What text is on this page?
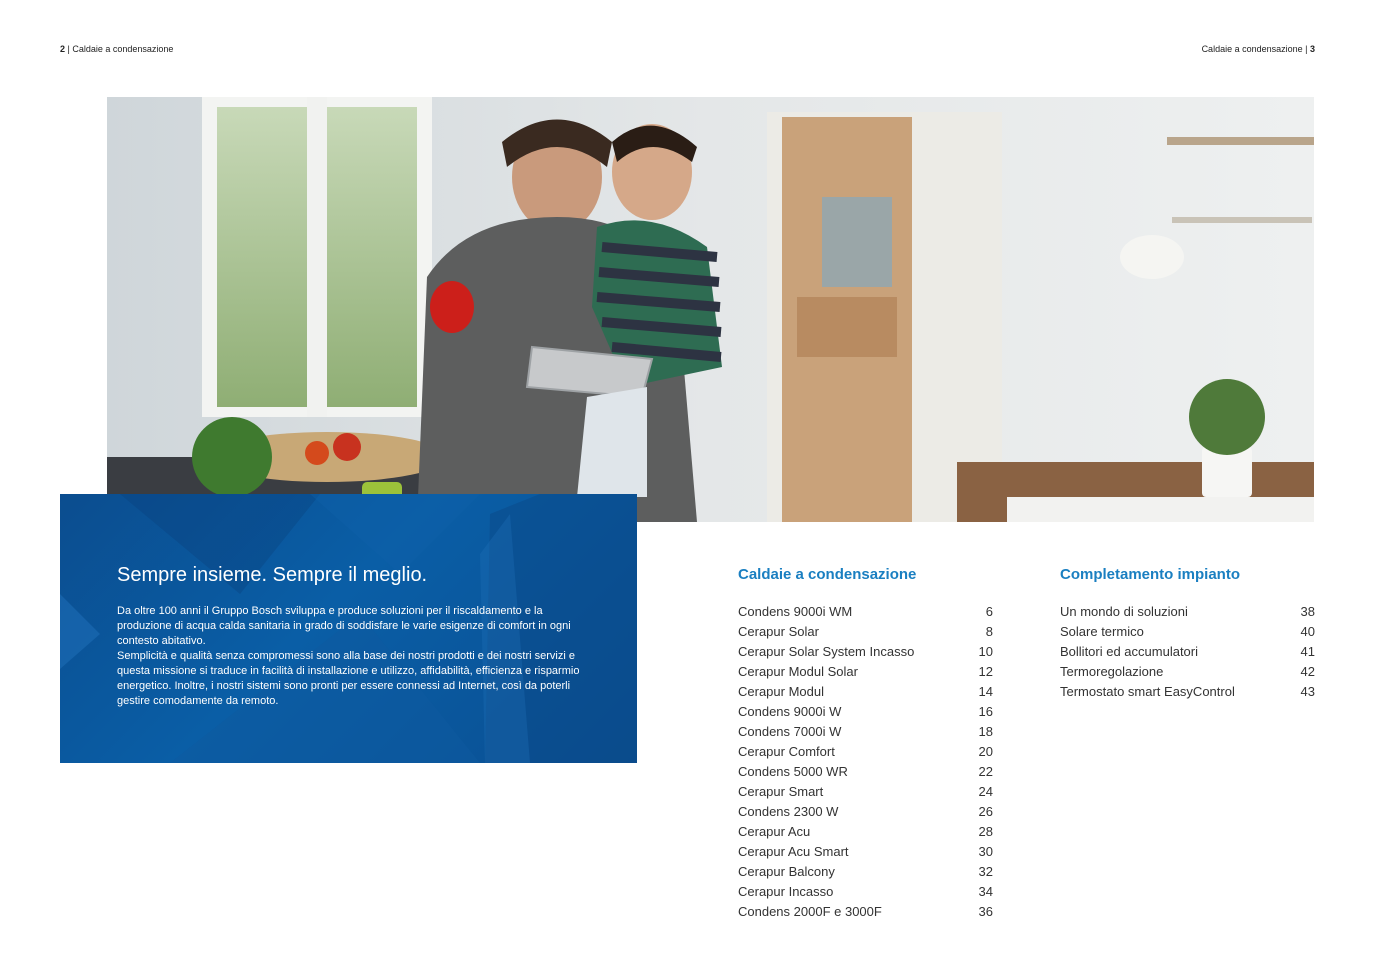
2 | Caldaie a condensazione	Caldaie a condensazione | 3
Sempre insieme. Sempre il meglio.

Da oltre 100 anni il Gruppo Bosch sviluppa e produce soluzioni per il riscaldamento e la produzione di acqua calda sanitaria in grado di soddisfare le varie esigenze di comfort in ogni contesto abitativo.

Semplicità e qualità senza compromessi sono alla base dei nostri prodotti e dei nostri servizi e questa missione si traduce in facilità di installazione e utilizzo, affidabilità, efficienza e risparmio energetico. Inoltre, i nostri sistemi sono pronti per essere connessi ad Internet, così da poterli gestire comodamente da remoto.

Caldaie a condensazione
Condens 9000i WM	6
Cerapur Solar	8
Cerapur Solar System Incasso	10
Cerapur Modul Solar	12
Cerapur Modul	14
Condens 9000i W	16
Condens 7000i W	18
Cerapur Comfort	20
Condens 5000 WR	22
Cerapur Smart	24
Condens 2300 W	26
Cerapur Acu	28
Cerapur Acu Smart	30
Cerapur Balcony	32
Cerapur Incasso	34
Condens 2000F e 3000F	36
Completamento impianto
Un mondo di soluzioni	38
Solare termico	40
Bollitori ed accumulatori	41
Termoregolazione	42
Termostato smart EasyControl	43
